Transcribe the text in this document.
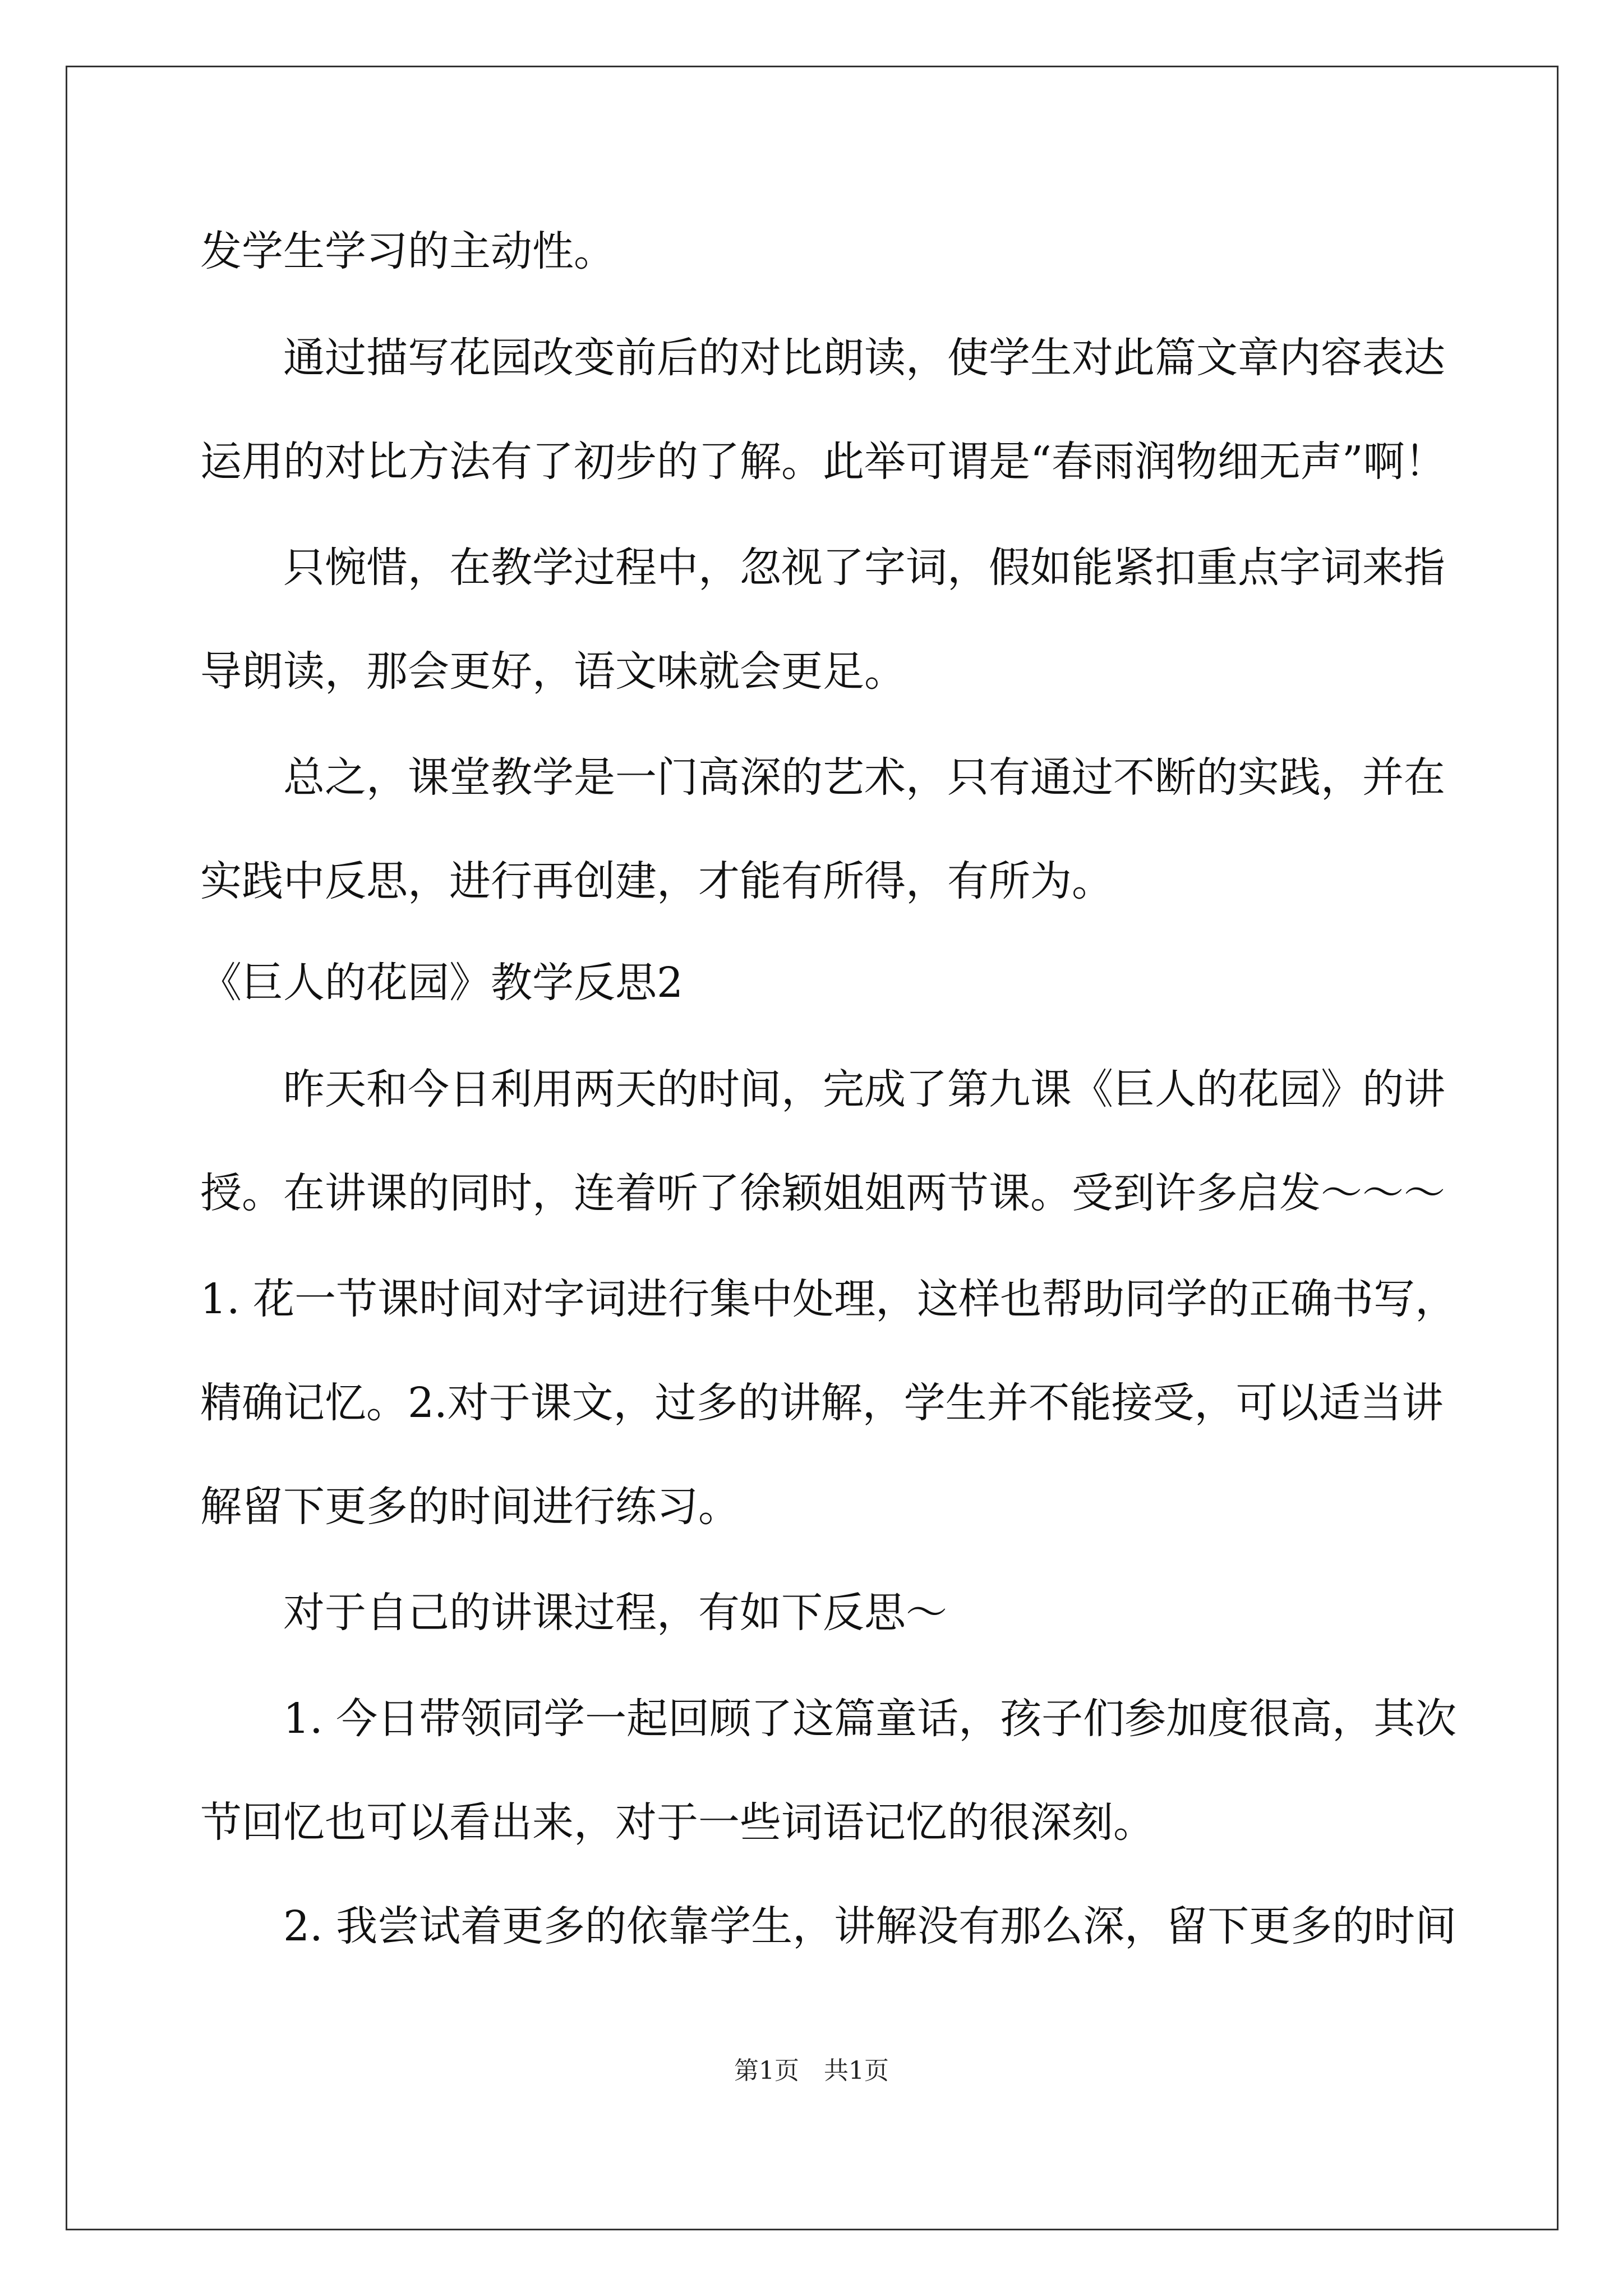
发学生学习的主动性。
通过描写花园改变前后的对比朗读，使学生对此篇文章内容表达
运用的对比方法有了初步的了解。此举可谓是“春雨润物细无声”啊！
只惋惜，在教学过程中，忽视了字词，假如能紧扣重点字词来指
导朗读，那会更好，语文味就会更足。
总之，课堂教学是一门高深的艺术，只有通过不断的实践，并在
实践中反思，进行再创建，才能有所得，有所为。
《巨人的花园》教学反思2
昨天和今日利用两天的时间，完成了第九课《巨人的花园》的讲
授。在讲课的同时，连着听了徐颖姐姐两节课。受到许多启发～～～
1. 花一节课时间对字词进行集中处理，这样也帮助同学的正确书写，
精确记忆。2.对于课文，过多的讲解，学生并不能接受，可以适当讲
解留下更多的时间进行练习。
对于自己的讲课过程，有如下反思～
1. 今日带领同学一起回顾了这篇童话，孩子们参加度很高，其次
节回忆也可以看出来，对于一些词语记忆的很深刻。
2. 我尝试着更多的依靠学生，讲解没有那么深，留下更多的时间
第1页　共1页
